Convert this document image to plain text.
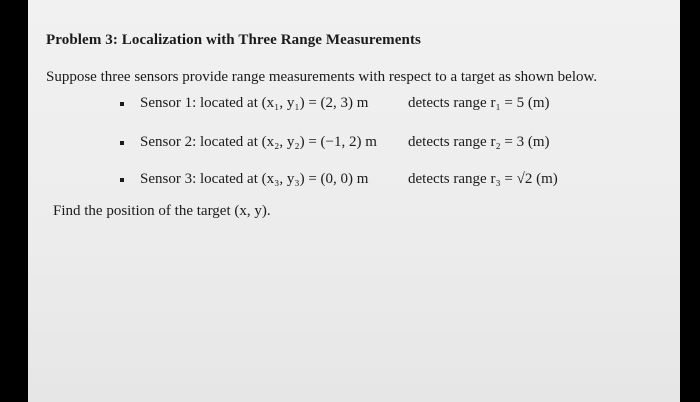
Problem 3: Localization with Three Range Measurements
Suppose three sensors provide range measurements with respect to a target as shown below.
Sensor 1: located at (x₁, y₁) = (2, 3) m	detects range r₁ = 5 (m)
Sensor 2: located at (x₂, y₂) = (−1, 2) m detects range r₂ = 3 (m)
Sensor 3: located at (x₃, y₃) = (0, 0) m	detects range r₃ = √2 (m)
Find the position of the target (x, y).
